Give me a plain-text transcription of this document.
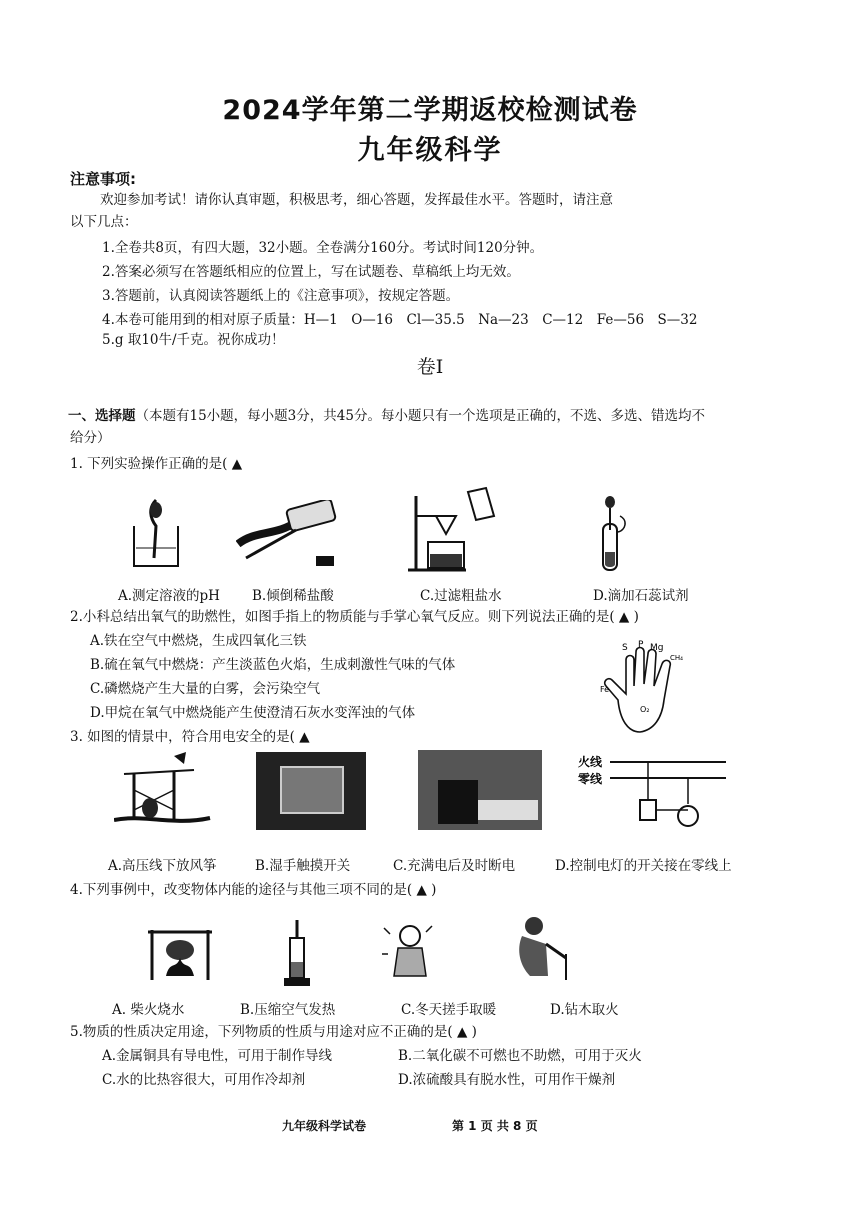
2024学年第二学期返校检测试卷
九年级科学
注意事项:
欢迎参加考试！请你认真审题，积极思考，细心答题，发挥最佳水平。答题时，请注意
以下几点：
1.全卷共8页，有四大题，32小题。全卷满分160分。考试时间120分钟。
2.答案必须写在答题纸相应的位置上，写在试题卷、草稿纸上均无效。
3.答题前，认真阅读答题纸上的《注意事项》，按规定答题。
4.本卷可能用到的相对原子质量：H—1　O—16　Cl—35.5　Na—23　C—12　Fe—56　S—32
5.g 取10牛/千克。祝你成功！
卷Ⅰ
一、选择题（本题有15小题，每小题3分，共45分。每小题只有一个选项是正确的，不选、多选、错选均不
给分）
1. 下列实验操作正确的是( ▲
A.测定溶液的pH B.倾倒稀盐酸	C.过滤粗盐水	D.滴加石蕊试剂
2.小科总结出氧气的助燃性，如图手指上的物质能与手掌心氧气反应。则下列说法正确的是( ▲ )
A.铁在空气中燃烧，生成四氧化三铁
B.硫在氧气中燃烧：产生淡蓝色火焰，生成刺激性气味的气体
C.磷燃烧产生大量的白雾，会污染空气
D.甲烷在氧气中燃烧能产生使澄清石灰水变浑浊的气体
S P Mg
CH₄
Fe
O₂
3. 如图的情景中，符合用电安全的是( ▲
火线
零线
A.高压线下放风筝	B.湿手触摸开关	C.充满电后及时断电	D.控制电灯的开关接在零线上
4.下列事例中，改变物体内能的途径与其他三项不同的是( ▲ )
A. 柴火烧水	B.压缩空气发热	C.冬天搓手取暖	D.钻木取火
5.物质的性质决定用途，下列物质的性质与用途对应不正确的是( ▲ )
A.金属铜具有导电性，可用于制作导线	B.二氧化碳不可燃也不助燃，可用于灭火
C.水的比热容很大，可用作冷却剂	D.浓硫酸具有脱水性，可用作干燥剂
九年级科学试卷	第 1 页 共 8 页
